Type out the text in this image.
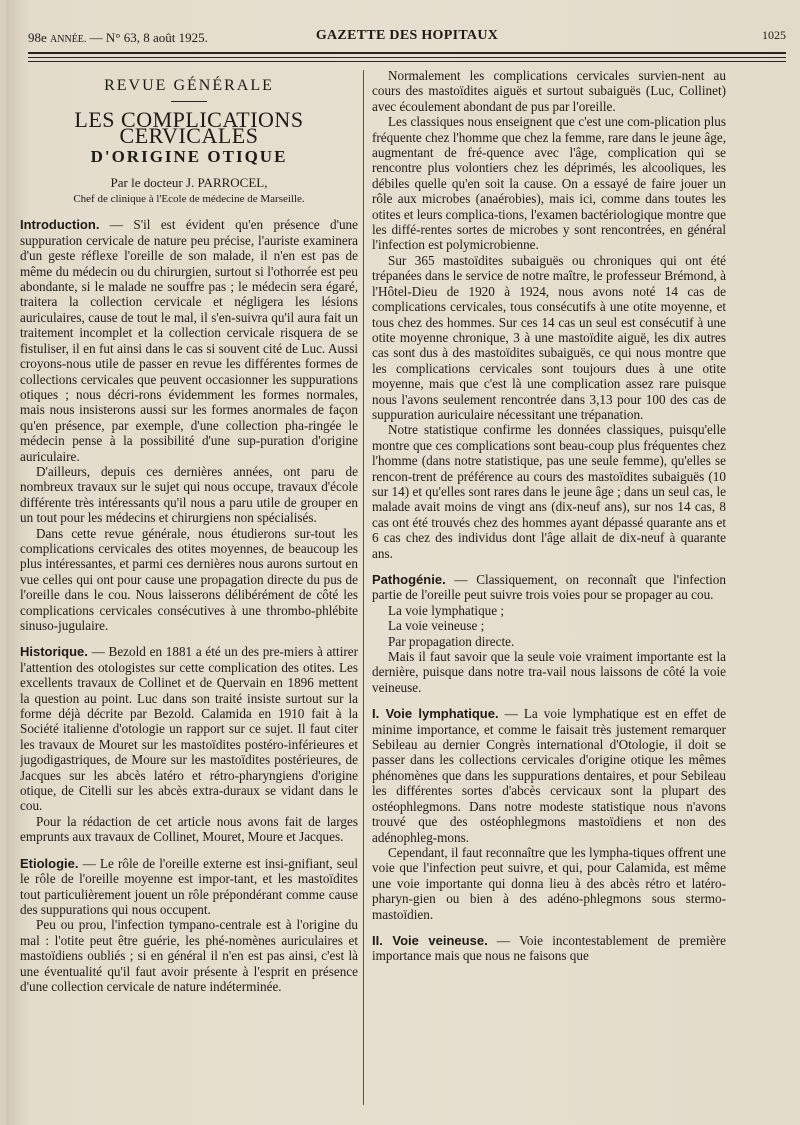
98e ANNÉE. — N° 63, 8 août 1925.	GAZETTE DES HOPITAUX	1025
REVUE GÉNÉRALE
LES COMPLICATIONS CERVICALES
D'ORIGINE OTIQUE
Par le docteur J. PARROCEL,
Chef de clinique à l'Ecole de médecine de Marseille.

Introduction. — S'il est évident qu'en présence d'une suppuration cervicale de nature peu précise, l'auriste examinera d'un geste réflexe l'oreille de son malade, il n'en est pas de même du médecin ou du chirurgien, surtout si l'othorrée est peu abondante, si le malade ne souffre pas ; le médecin sera égaré, traitera la collection cervicale et négligera les lésions auriculaires, cause de tout le mal, il s'en-suivra qu'il aura fait un traitement incomplet et la collection cervicale risquera de se fistuliser, il en fut ainsi dans le cas si souvent cité de Luc. Aussi croyons-nous utile de passer en revue les différentes formes de collections cervicales que peuvent occasionner les suppurations otiques ; nous décri-rons évidemment les formes normales, mais nous insisterons aussi sur les formes anormales de façon qu'en présence, par exemple, d'une collection pha-ringée le médecin pense à la possibilité d'une sup-puration d'origine auriculaire.

D'ailleurs, depuis ces dernières années, ont paru de nombreux travaux sur le sujet qui nous occupe, travaux d'école différente très intéressants qu'il nous a paru utile de grouper en un tout pour les médecins et chirurgiens non spécialisés.

Dans cette revue générale, nous étudierons sur-tout les complications cervicales des otites moyennes, de beaucoup les plus intéressantes, et parmi ces dernières nous aurons surtout en vue celles qui ont pour cause une propagation directe du pus de l'oreille dans le cou. Nous laisserons délibérément de côté les complications cervicales consécutives à une thrombo-phlébite sinuso-jugulaire.

Historique. — Bezold en 1881 a été un des pre-miers à attirer l'attention des otologistes sur cette complication des otites. Les excellents travaux de Collinet et de Quervain en 1896 mettent la question au point. Luc dans son traité insiste surtout sur la forme déjà décrite par Bezold. Calamida en 1910 fait à la Société italienne d'otologie un rapport sur ce sujet. Il faut citer les travaux de Mouret sur les mastoïdites postéro-inférieures et jugodigastriques, de Moure sur les mastoïdites postérieures, de Jacques sur les abcès latéro et rétro-pharyngiens d'origine otique, de Citelli sur les abcès extra-duraux se vidant dans le cou.

Pour la rédaction de cet article nous avons fait de larges emprunts aux travaux de Collinet, Mouret, Moure et Jacques.

Etiologie. — Le rôle de l'oreille externe est insi-gnifiant, seul le rôle de l'oreille moyenne est impor-tant, et les mastoïdites tout particulièrement jouent un rôle prépondérant comme cause des suppurations qui nous occupent.

Peu ou prou, l'infection tympano-centrale est à l'origine du mal : l'otite peut être guérie, les phé-nomènes auriculaires et mastoïdiens oubliés ; si en général il n'en est pas ainsi, c'est là une éventualité qu'il faut avoir présente à l'esprit en présence d'une collection cervicale de nature indéterminée.

Normalement les complications cervicales survien-nent au cours des mastoïdites aiguës et surtout subaiguës (Luc, Collinet) avec écoulement abondant de pus par l'oreille.

Les classiques nous enseignent que c'est une com-plication plus fréquente chez l'homme que chez la femme, rare dans le jeune âge, augmentant de fré-quence avec l'âge, complication qui se rencontre plus volontiers chez les déprimés, les alcooliques, les débiles quelle qu'en soit la cause. On a essayé de faire jouer un rôle aux microbes (anaérobies), mais ici, comme dans toutes les otites et leurs complica-tions, l'examen bactériologique montre que les diffé-rentes sortes de microbes y sont rencontrées, en général l'infection est polymicrobienne.

Sur 365 mastoïdites subaiguës ou chroniques qui ont été trépanées dans le service de notre maître, le professeur Brémond, à l'Hôtel-Dieu de 1920 à 1924, nous avons noté 14 cas de complications cervicales, tous consécutifs à une otite moyenne, et tous chez des hommes. Sur ces 14 cas un seul est consécutif à une otite moyenne chronique, 3 à une mastoïdite aiguë, les dix autres cas sont dus à des mastoïdites subaiguës, ce qui nous montre que les complications cervicales sont toujours dues à une otite moyenne, mais que c'est là une complication assez rare puisque nous l'avons seulement rencontrée dans 3,13 pour 100 des cas de suppuration auriculaire nécessitant une trépanation.

Notre statistique confirme les données classiques, puisqu'elle montre que ces complications sont beau-coup plus fréquentes chez l'homme (dans notre statistique, pas une seule femme), qu'elles se rencon-trent de préférence au cours des mastoïdites subaiguës (10 sur 14) et qu'elles sont rares dans le jeune âge ; dans un seul cas, le malade avait moins de vingt ans (dix-neuf ans), sur nos 14 cas, 8 cas ont été trouvés chez des hommes ayant dépassé quarante ans et 6 cas chez des individus dont l'âge allait de dix-neuf à quarante ans.

Pathogénie. — Classiquement, on reconnaît que l'infection partie de l'oreille peut suivre trois voies pour se propager au cou.

La voie lymphatique ;

La voie veineuse ;

Par propagation directe.

Mais il faut savoir que la seule voie vraiment importante est la dernière, puisque dans notre tra-vail nous laissons de côté la voie veineuse.

I. Voie lymphatique. — La voie lymphatique est en effet de minime importance, et comme le faisait très justement remarquer Sebileau au dernier Congrès international d'Otologie, il doit se passer dans les collections cervicales d'origine otique les mêmes phénomènes que dans les suppurations dentaires, et pour Sebileau les différentes sortes d'abcès cervicaux sont la plupart des ostéophlegmons. Dans notre modeste statistique nous n'avons trouvé que des ostéophlegmons mastoïdiens et non des adénophleg-mons.

Cependant, il faut reconnaître que les lympha-tiques offrent une voie que l'infection peut suivre, et qui, pour Calamida, est même une voie importante qui donna lieu à des abcès rétro et latéro-pharyn-gien ou bien à des adéno-phlegmons sous stermo-mastoïdien.

II. Voie veineuse. — Voie incontestablement de première importance mais que nous ne faisons que
